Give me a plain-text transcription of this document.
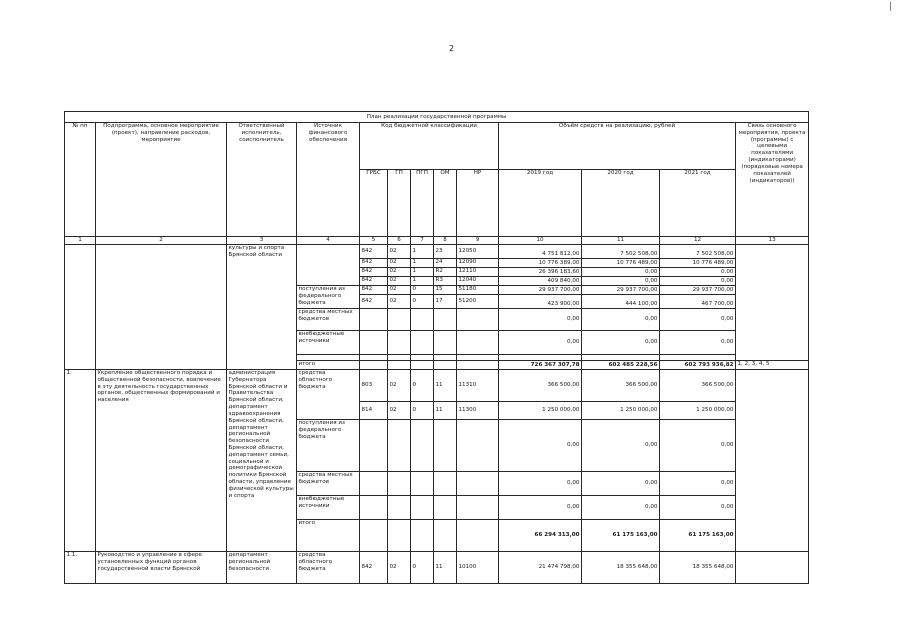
2
|
План реализации государственной программы												
№ пп	Подпрограмма, основное мероприятие (проект), направление расходов, мероприятие	Ответственный исполнитель, соисполнитель	Источник финансового обеспечения	Код бюджетной классификации					Объём средств на реализацию, рублей			Связь основного мероприятия, проекта (программы) с целевыми показателями (индикаторами) (порядковые номера показателей (индикаторов))
				ГРБС	ГП	ПГП	ОМ	НР	2019 год	2020 год	2021 год	
1	2	3	4	5	6	7	8	9	10	11	12	13
		культуры и спорта Брянской области		842	02	1	23	12050	4 751 812,00	7 502 508,00	7 502 508,00	
				842	02	1	24	12090	10 776 389,00	10 776 489,00	10 776 489,00	
				842	02	1	R2	12110	26 396 183,60	0,00	0,00	
				842	02	1	R3	12040	409 840,00	0,00	0,00	
			поступления из федерального бюджета	842	02	0	15	51180	29 937 700,00	29 937 700,00	29 937 700,00	
				842	02	0	17	51200	423 900,00	444 100,00	467 700,00	
			средства местных бюджетов						0,00	0,00	0,00	
			внебюджетные источники						0,00	0,00	0,00	

			итого						726 367 307,78	602 485 228,56	602 793 936,82	1, 2, 3, 4, 5
1.	Укрепление общественного порядка и общественной безопасности, вовлечение в эту деятельность государственных органов, общественных формирований и населения	администрация Губернатора Брянской области и Правительства Брянской области, департамент здравоохранения Брянской области, департамент региональной безопасности Брянской области, департамент семьи, социальной и демографической политики Брянской области, управление физической культуры и спорта	средства областного бюджета	803	02	0	11	11310	366 500,00	366 500,00	366 500,00	
				814	02	0	11	11300	1 250 000,00	1 250 000,00	1 250 000,00	
			поступления из федерального бюджета						0,00	0,00	0,00	
			средства местных бюджетов						0,00	0,00	0,00	
			внебюджетные источники						0,00	0,00	0,00	
			итого						66 294 313,00	61 175 163,00	61 175 163,00	
1.1.	Руководство и управление в сфере установленных функций органов государственной власти Брянской	департамент региональной безопасности	средства областного бюджета	842	02	0	11	10100	21 474 798,00	18 355 648,00	18 355 648,00	
